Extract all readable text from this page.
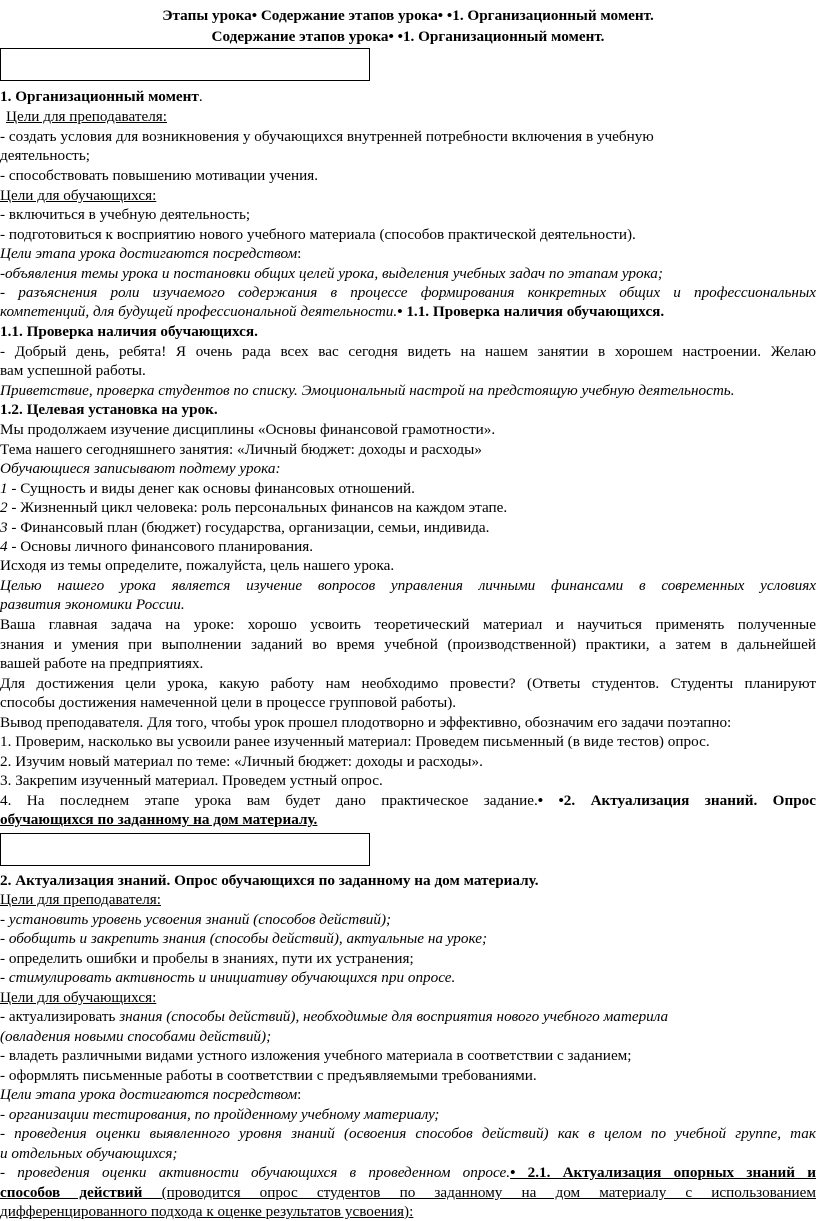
Этапы урока• Содержание этапов урока• •1. Организационный момент.
Содержание этапов урока• •1. Организационный момент.
1. Организационный момент.
Цели для преподавателя:
- создать условия для возникновения у обучающихся внутренней потребности включения в учебную
деятельность;
- способствовать повышению мотивации учения.
Цели для обучающихся:
- включиться в учебную деятельность;
- подготовиться к восприятию нового учебного материала (способов практической деятельности).
Цели этапа урока достигаются посредством:
-объявления темы урока и постановки общих целей урока, выделения учебных задач по этапам урока;
- разъяснения роли изучаемого содержания в процессе формирования конкретных общих и профессиональных
компетенций, для будущей профессиональной деятельности.• 1.1. Проверка наличия обучающихся.
1.1. Проверка наличия обучающихся.
- Добрый день, ребята! Я очень рада всех вас сегодня видеть на нашем занятии в хорошем настроении. Желаю
вам успешной работы.
Приветствие, проверка студентов по списку. Эмоциональный настрой на предстоящую учебную деятельность.
1.2. Целевая установка на урок.
Мы продолжаем изучение дисциплины «Основы финансовой грамотности».
Тема нашего сегодняшнего занятия: «Личный бюджет: доходы и расходы»
Обучающиеся записывают подтему урока:
1 - Сущность и виды денег как основы финансовых отношений.
2 - Жизненный цикл человека: роль персональных финансов на каждом этапе.
3 - Финансовый план (бюджет) государства, организации, семьи, индивида.
4 - Основы личного финансового планирования.
Исходя из темы определите, пожалуйста, цель нашего урока.
Целью нашего урока является изучение вопросов управления личными финансами в современных условиях
развития экономики России.
Ваша главная задача на уроке: хорошо усвоить теоретический материал и научиться применять полученные
знания и умения при выполнении заданий во время учебной (производственной) практики, а затем в дальнейшей
вашей работе на предприятиях.
Для достижения цели урока, какую работу нам необходимо провести? (Ответы студентов. Студенты планируют
способы достижения намеченной цели в процессе групповой работы).
Вывод преподавателя. Для того, чтобы урок прошел плодотворно и эффективно, обозначим его задачи поэтапно:
1. Проверим, насколько вы усвоили ранее изученный материал: Проведем письменный (в виде тестов) опрос.
2. Изучим новый материал по теме: «Личный бюджет: доходы и расходы».
3. Закрепим изученный материал. Проведем устный опрос.
4. На последнем этапе урока вам будет дано практическое задание.• •2. Актуализация знаний. Опрос
обучающихся по заданному на дом материалу.
2. Актуализация знаний. Опрос обучающихся по заданному на дом материалу.
Цели для преподавателя:
- установить уровень усвоения знаний (способов действий);
- обобщить и закрепить знания (способы действий), актуальные на уроке;
- определить ошибки и пробелы в знаниях, пути их устранения;
- стимулировать активность и инициативу обучающихся при опросе.
Цели для обучающихся:
- актуализировать знания (способы действий), необходимые для восприятия нового учебного материла
(овладения новыми способами действий);
- владеть различными видами устного изложения учебного материала в соответствии с заданием;
- оформлять письменные работы в соответствии с предъявляемыми требованиями.
Цели этапа урока достигаются посредством:
- организации тестирования, по пройденному учебному материалу;
- проведения оценки выявленного уровня знаний (освоения способов действий) как в целом по учебной группе, так
и отдельных обучающихся;
- проведения оценки активности обучающихся в проведенном опросе.• 2.1. Актуализация опорных знаний и
способов действий (проводится опрос студентов по заданному на дом материалу с использованием
дифференцированного подхода к оценке результатов усвоения):
